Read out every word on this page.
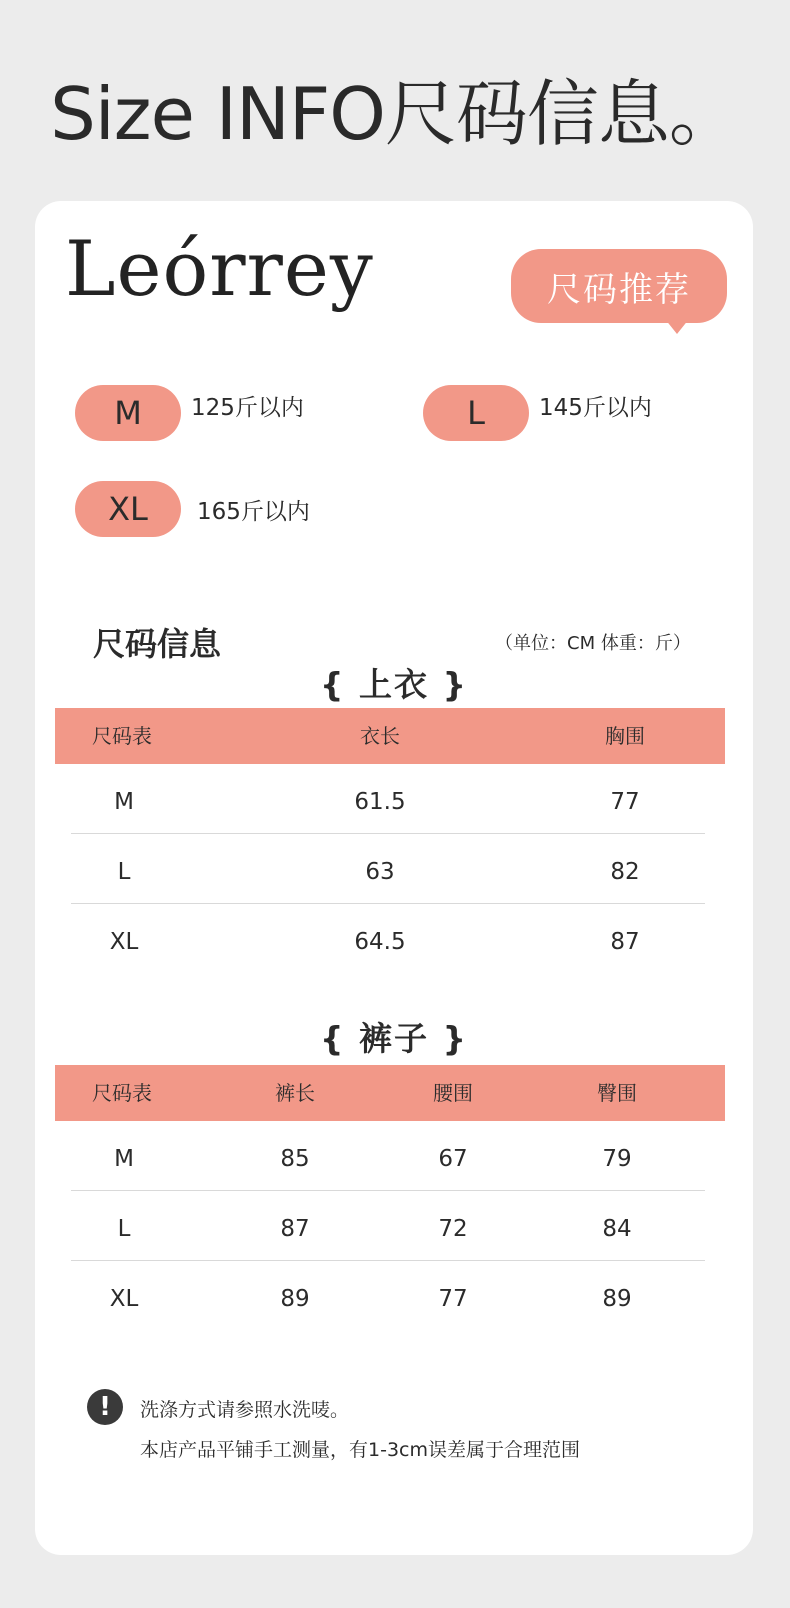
Size INFO尺码信息。
Leórrey	尺码推荐
M	125斤以内	L	145斤以内
XL	165斤以内
尺码信息	（单位：CM 体重：斤）
{ 上衣 }
尺码表	衣长	胸围
M	61.5	77
L	63	82
XL	64.5	87
{ 裤子 }
尺码表	裤长	腰围	臀围
M	85	67	79
L	87	72	84
XL	89	77	89
!	洗涤方式请参照水洗唛。
本店产品平铺手工测量，有1-3cm误差属于合理范围
